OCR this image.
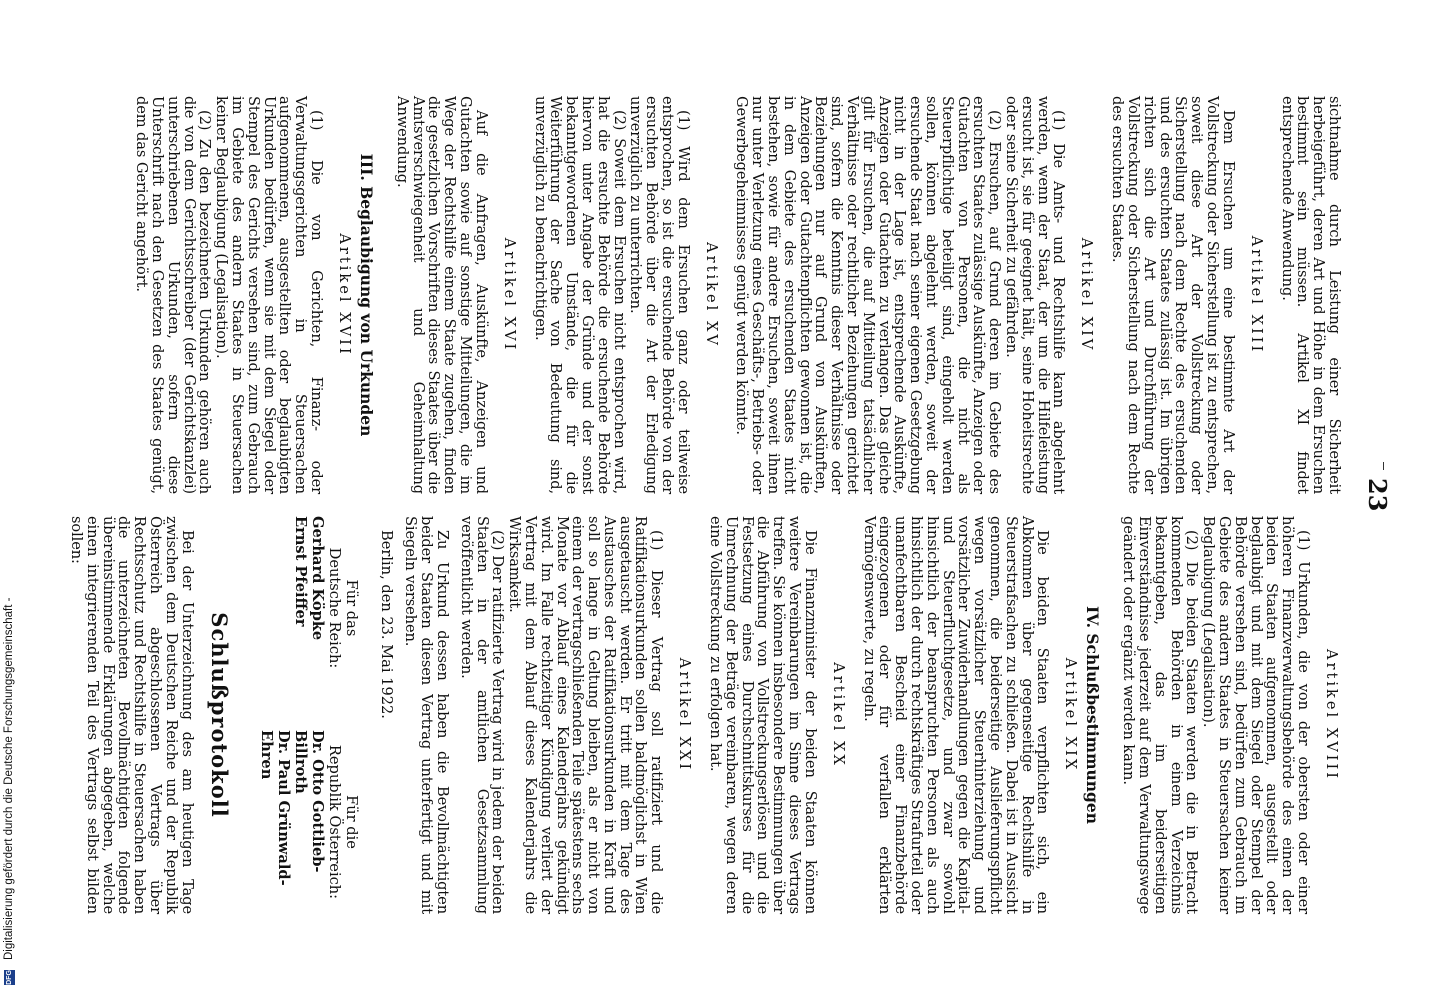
23

sichtnahme durch Leistung einer Sicherheit herbeigeführt, deren Art und Höhe in dem Ersuchen bestimmt sein müssen. Artikel XI findet entsprechende Anwendung.

Artikel XIII

Dem Ersuchen um eine bestimmte Art der Vollstreckung oder Sicherstellung ist zu entsprechen, soweit diese Art der Vollstreckung oder Sicherstellung nach dem Rechte des ersuchenden und des ersuchten Staates zulässig ist. Im übrigen richten sich die Art und Durchführung der Vollstreckung oder Sicherstellung nach dem Rechte des ersuchten Staates.

Artikel XIV

(1) Die Amts- und Rechtshilfe kann abgelehnt werden, wenn der Staat, der um die Hilfeleistung ersucht ist, sie für geeignet hält, seine Hoheitsrechte oder seine Sicherheit zu gefährden.

(2) Ersuchen, auf Grund deren im Gebiete des ersuchten Staates zulässige Auskünfte, Anzeigen oder Gutachten von Personen, die nicht als Steuerpflichtige beteiligt sind, eingeholt werden sollen, können abgelehnt werden, soweit der ersuchende Staat nach seiner eigenen Gesetzgebung nicht in der Lage ist, entsprechende Auskünfte, Anzeigen oder Gutachten zu verlangen. Das gleiche gilt für Ersuchen, die auf Mitteilung tatsächlicher Verhältnisse oder rechtlicher Beziehungen gerichtet sind, sofern die Kenntnis dieser Verhältnisse oder Beziehungen nur auf Grund von Auskünften, Anzeigen oder Gutachtenpflichten gewonnen ist, die in dem Gebiete des ersuchenden Staates nicht bestehen, sowie für andere Ersuchen, soweit ihnen nur unter Verletzung eines Geschäfts-, Betriebs- oder Gewerbegeheimnisses genügt werden könnte.

Artikel XV

(1) Wird dem Ersuchen ganz oder teilweise entsprochen, so ist die ersuchende Behörde von der ersuchten Behörde über die Art der Erledigung unverzüglich zu unterrichten.

(2) Soweit dem Ersuchen nicht entsprochen wird, hat die ersuchte Behörde die ersuchende Behörde hiervon unter Angabe der Gründe und der sonst bekanntgewordenen Umstände, die für die Weiterführung der Sache von Bedeutung sind, unverzüglich zu benachrichtigen.

Artikel XVI

Auf die Anfragen, Auskünfte, Anzeigen und Gutachten sowie auf sonstige Mitteilungen, die im Wege der Rechtshilfe einem Staate zugehen, finden die gesetzlichen Vorschriften dieses Staates über die Amtsverschwiegenheit und Geheimhaltung Anwendung.

III. Beglaubigung von Urkunden
Artikel XVII

(1) Die von Gerichten, Finanz- oder Verwaltungsgerichten in Steuersachen aufgenommenen, ausgestellten oder beglaubigten Urkunden bedürfen, wenn sie mit dem Siegel oder Stempel des Gerichts versehen sind, zum Gebrauch im Gebiete des andern Staates in Steuersachen keiner Beglaubigung (Legalisation).

(2) Zu den bezeichneten Urkunden gehören auch die von dem Gerichtsschreiber (der Gerichtskanzlei) unterschriebenen Urkunden, sofern diese Unterschrift nach den Gesetzen des Staates genügt, dem das Gericht angehört.

Artikel XVIII

(1) Urkunden, die von der obersten oder einer höheren Finanzverwaltungsbehörde des einen der beiden Staaten aufgenommen, ausgestellt oder beglaubigt und mit dem Siegel oder Stempel der Behörde versehen sind, bedürfen zum Gebrauch im Gebiete des andern Staates in Steuersachen keiner Beglaubigung (Legalisation).

(2) Die beiden Staaten werden die in Betracht kommenden Behörden in einem Verzeichnis bekanntgeben, das im beiderseitigen Einverständnisse jederzeit auf dem Verwaltungswege geändert oder ergänzt werden kann.

IV. Schlußbestimmungen
Artikel XIX

Die beiden Staaten verpflichten sich, ein Abkommen über gegenseitige Rechtshilfe in Steuerstrafsachen zu schließen. Dabei ist in Aussicht genommen, die beiderseitige Auslieferungspflicht wegen vorsätzlicher Steuerhinterziehung und vorsätzlicher Zuwiderhandlungen gegen die Kapital- und Steuerfluchtgesetze, und zwar sowohl hinsichtlich der beanspruchten Personen als auch hinsichtlich der durch rechtskräftiges Strafurteil oder unanfechtbaren Bescheid einer Finanzbehörde eingezogenen oder für verfallen erklärten Vermögenswerte, zu regeln.

Artikel XX

Die Finanzminister der beiden Staaten können weitere Vereinbarungen im Sinne dieses Vertrags treffen. Sie können insbesondere Bestimmungen über die Abführung von Vollstreckungserlösen und die Festsetzung eines Durchschnittskurses für die Umrechnung der Beträge vereinbaren, wegen deren eine Vollstreckung zu erfolgen hat.

Artikel XXI

(1) Dieser Vertrag soll ratifiziert und die Ratifikationsurkunden sollen baldmöglichst in Wien ausgetauscht werden. Er tritt mit dem Tage des Austausches der Ratifikationsurkunden in Kraft und soll so lange in Geltung bleiben, als er nicht von einem der vertragschließenden Teile spätestens sechs Monate vor Ablauf eines Kalenderjahrs gekündigt wird. Im Falle rechtzeitiger Kündigung verliert der Vertrag mit dem Ablauf dieses Kalenderjahrs die Wirksamkeit.

(2) Der ratifizierte Vertrag wird in jedem der beiden Staaten in der amtlichen Gesetzsammlung veröffentlicht werden.

Zu Urkund dessen haben die Bevollmächtigten beider Staaten diesen Vertrag unterfertigt und mit Siegeln versehen.

Berlin, den 23. Mai 1922.
Für das
Deutsche Reich:
Gerhard Köpke
Ernst Pfeiffer
Für die
Republik Österreich:
Dr. Otto Gottlieb-Billroth
Dr. Paul Grünwald-Ehren
Schlußprotokoll

Bei der Unterzeichnung des am heutigen Tage zwischen dem Deutschen Reiche und der Republik Österreich abgeschlossenen Vertrags über Rechtsschutz und Rechtshilfe in Steuersachen haben die unterzeichneten Bevollmächtigten folgende übereinstimmende Erklärungen abgegeben, welche einen integrierenden Teil des Vertrags selbst bilden sollen:

DFG
Digitalisierung gefördert durch die Deutsche Forschungsgemeinschaft -
